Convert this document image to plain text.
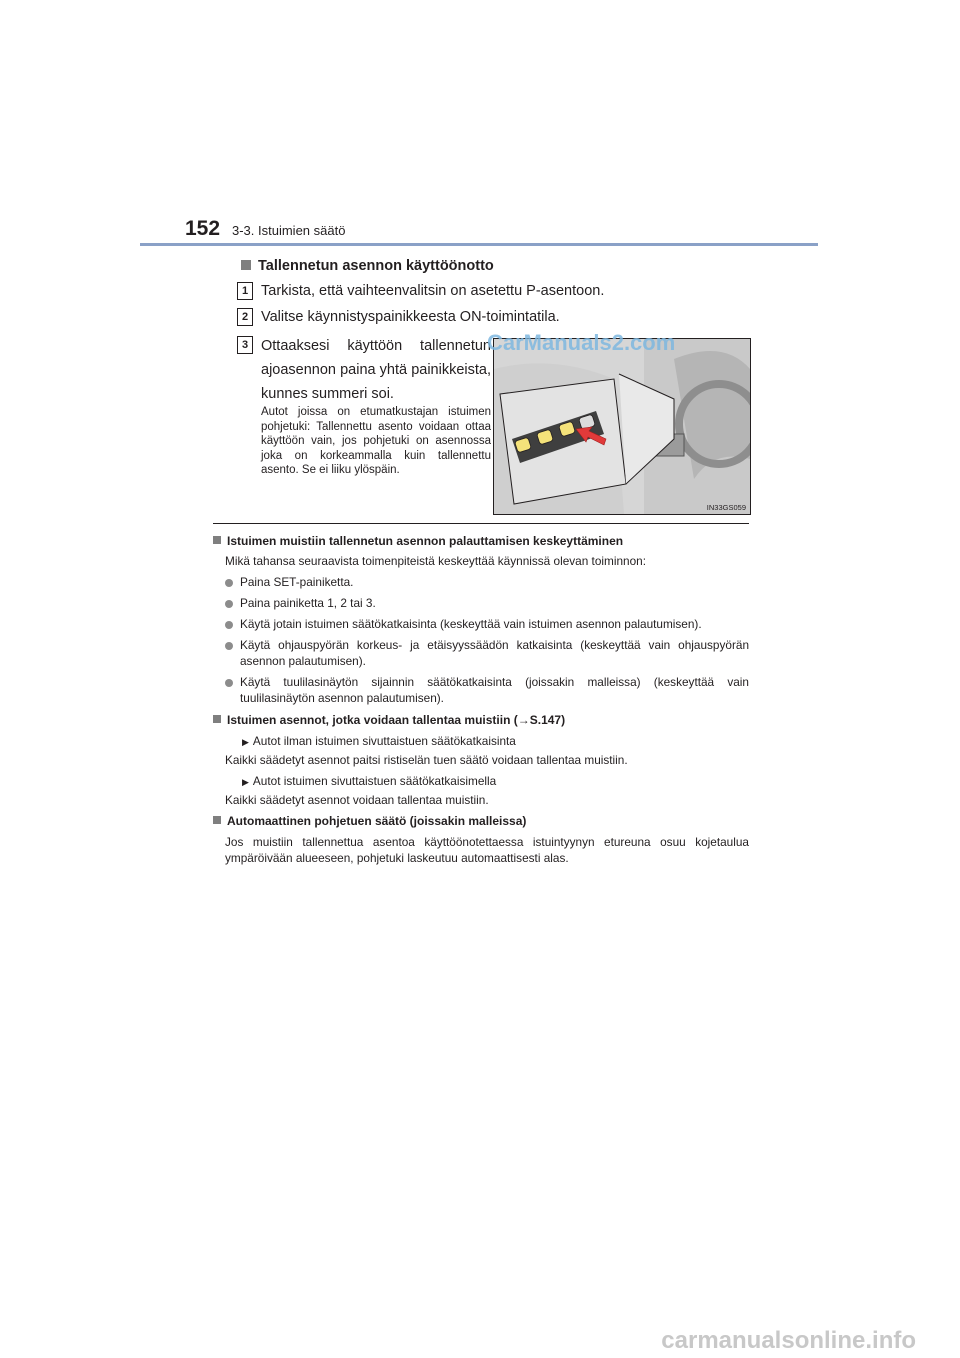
152 3-3. Istuimien säätö
Tallennetun asennon käyttöönotto
1 Tarkista, että vaihteenvalitsin on asetettu P-asentoon.
2 Valitse käynnistyspainikkeesta ON-toimintatila.
3 Ottaaksesi käyttöön tallennetun ajoasennon paina yhtä painikkeista, kunnes summeri soi.
Autot joissa on etumatkustajan istuimen pohjetuki: Tallennettu asento voidaan ottaa käyttöön vain, jos pohjetuki on asennossa joka on korkeammalla kuin tallennettu asento. Se ei liiku ylöspäin.
IN33GS059
CarManuals2.com
Istuimen muistiin tallennetun asennon palauttamisen keskeyttäminen
Mikä tahansa seuraavista toimenpiteistä keskeyttää käynnissä olevan toiminnon:
Paina SET-painiketta.
Paina painiketta 1, 2 tai 3.
Käytä jotain istuimen säätökatkaisinta (keskeyttää vain istuimen asennon palautumisen).
Käytä ohjauspyörän korkeus- ja etäisyyssäädön katkaisinta (keskeyttää vain ohjauspyörän asennon palautumisen).
Käytä tuulilasinäytön sijainnin säätökatkaisinta (joissakin malleissa) (keskeyttää vain tuulilasinäytön asennon palautumisen).
Istuimen asennot, jotka voidaan tallentaa muistiin (→S.147)
▶ Autot ilman istuimen sivuttaistuen säätökatkaisinta
Kaikki säädetyt asennot paitsi ristiselän tuen säätö voidaan tallentaa muistiin.
▶ Autot istuimen sivuttaistuen säätökatkaisimella
Kaikki säädetyt asennot voidaan tallentaa muistiin.
Automaattinen pohjetuen säätö (joissakin malleissa)
Jos muistiin tallennettua asentoa käyttöönotettaessa istuintyynyn etureuna osuu kojetaulua ympäröivään alueeseen, pohjetuki laskeutuu automaattisesti alas.
carmanualsonline.info
